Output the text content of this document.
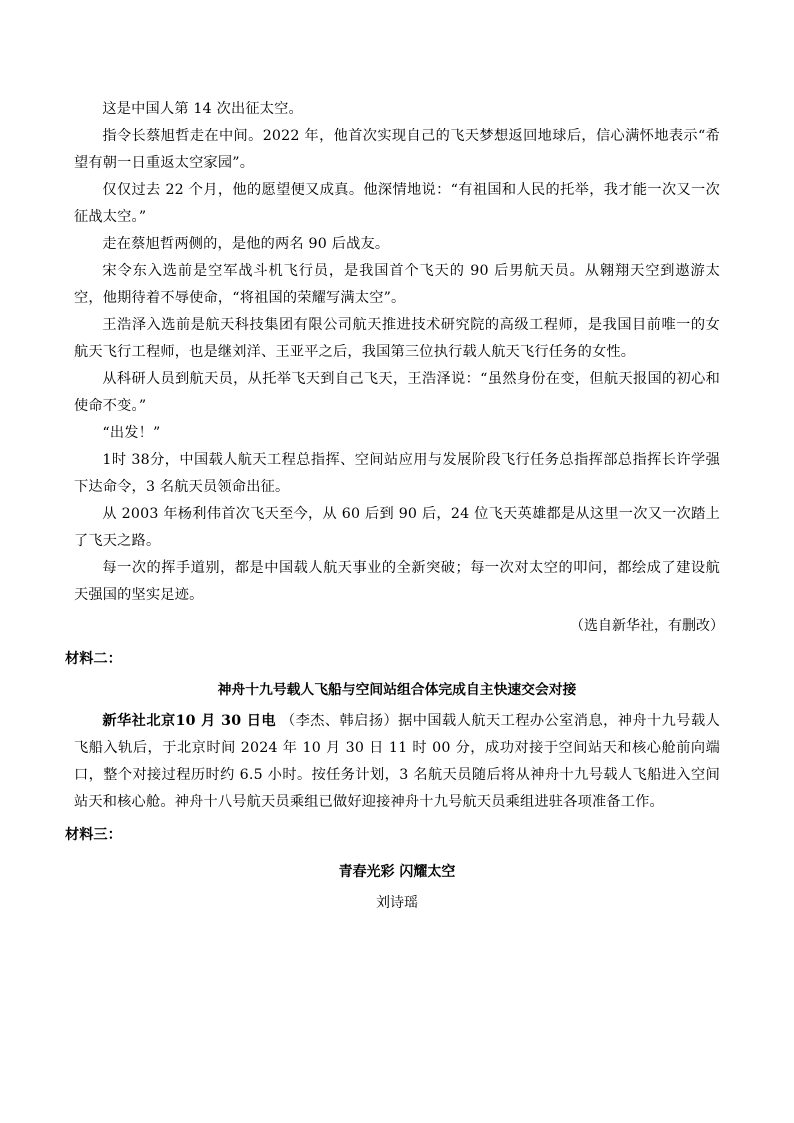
这是中国人第 14 次出征太空。

指令长蔡旭哲走在中间。2022 年，他首次实现自己的飞天梦想返回地球后，信心满怀地表示“希望有朝一日重返太空家园”。

仅仅过去 22 个月，他的愿望便又成真。他深情地说：“有祖国和人民的托举，我才能一次又一次征战太空。”

走在蔡旭哲两侧的，是他的两名 90 后战友。

宋令东入选前是空军战斗机飞行员，是我国首个飞天的 90 后男航天员。从翱翔天空到遨游太空，他期待着不辱使命，“将祖国的荣耀写满太空”。

王浩泽入选前是航天科技集团有限公司航天推进技术研究院的高级工程师，是我国目前唯一的女航天飞行工程师，也是继刘洋、王亚平之后，我国第三位执行载人航天飞行任务的女性。

从科研人员到航天员，从托举飞天到自己飞天，王浩泽说：“虽然身份在变，但航天报国的初心和使命不变。”

“出发！”

1时 38分，中国载人航天工程总指挥、空间站应用与发展阶段飞行任务总指挥部总指挥长许学强下达命令，3 名航天员领命出征。

从 2003 年杨利伟首次飞天至今，从 60 后到 90 后，24 位飞天英雄都是从这里一次又一次踏上了飞天之路。

每一次的挥手道别，都是中国载人航天事业的全新突破；每一次对太空的叩问，都绘成了建设航天强国的坚实足迹。

（选自新华社，有删改）
材料二：
神舟十九号载人飞船与空间站组合体完成自主快速交会对接

新华社北京10 月 30 日电 （李杰、韩启扬）据中国载人航天工程办公室消息，神舟十九号载人飞船入轨后，于北京时间 2024 年 10 月 30 日 11 时 00 分，成功对接于空间站天和核心舱前向端口，整个对接过程历时约 6.5 小时。按任务计划，3 名航天员随后将从神舟十九号载人飞船进入空间站天和核心舱。神舟十八号航天员乘组已做好迎接神舟十九号航天员乘组进驻各项准备工作。

材料三：
青春光彩 闪耀太空
刘诗瑶
